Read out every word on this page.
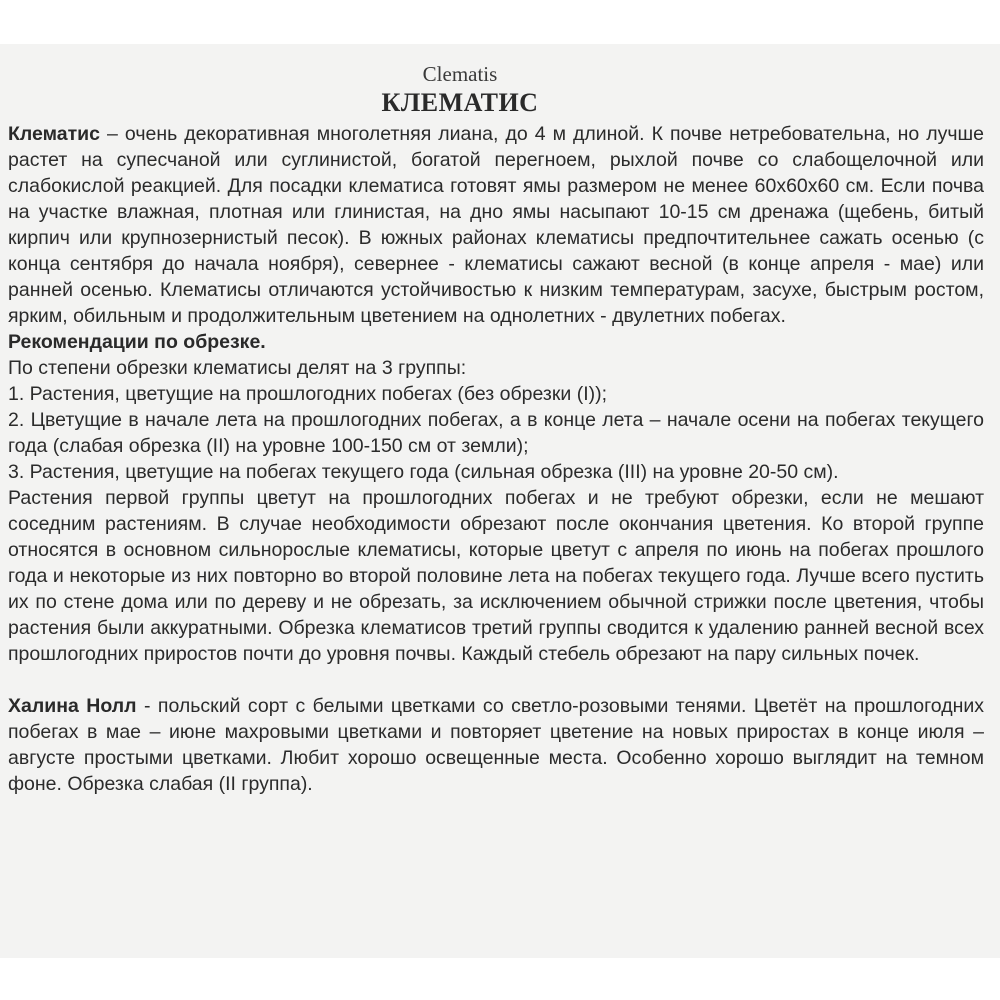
Clematis
КЛЕМАТИС

Клематис – очень декоративная многолетняя лиана, до 4 м длиной. К почве нетребовательна, но лучше растет на супесчаной или суглинистой, богатой перегноем, рыхлой почве со слабощелочной или слабокислой реакцией. Для посадки клематиса готовят ямы размером не менее 60х60х60 см. Если почва на участке влажная, плотная или глинистая, на дно ямы насыпают 10-15 см дренажа (щебень, битый кирпич или крупнозернистый песок). В южных районах клематисы предпочтительнее сажать осенью (с конца сентября до начала ноября), севернее - клематисы сажают весной (в конце апреля - мае) или ранней осенью. Клематисы отличаются устойчивостью к низким температурам, засухе, быстрым ростом, ярким, обильным и продолжительным цветением на однолетних - двулетних побегах.

Рекомендации по обрезке.

По степени обрезки клематисы делят на 3 группы:

1. Растения, цветущие на прошлогодних побегах (без обрезки (I));

2. Цветущие в начале лета на прошлогодних побегах, а в конце лета – начале осени на побегах текущего года (слабая обрезка (II) на уровне 100-150 см от земли);

3. Растения, цветущие на побегах текущего года (сильная обрезка (III) на уровне 20-50 см).

Растения первой группы цветут на прошлогодних побегах и не требуют обрезки, если не мешают соседним растениям. В случае необходимости обрезают после окончания цветения. Ко второй группе относятся в основном сильнорослые клематисы, которые цветут с апреля по июнь на побегах прошлого года и некоторые из них повторно во второй половине лета на побегах текущего года. Лучше всего пустить их по стене дома или по дереву и не обрезать, за исключением обычной стрижки после цветения, чтобы растения были аккуратными. Обрезка клематисов третий группы сводится к удалению ранней весной всех прошлогодних приростов почти до уровня почвы. Каждый стебель обрезают на пару сильных почек.

Халина Нолл - польский сорт с белыми цветками со светло-розовыми тенями. Цветёт на прошлогодних побегах в мае – июне махровыми цветками и повторяет цветение на новых приростах в конце июля – августе простыми цветками. Любит хорошо освещенные места. Особенно хорошо выглядит на темном фоне. Обрезка слабая (II группа).
